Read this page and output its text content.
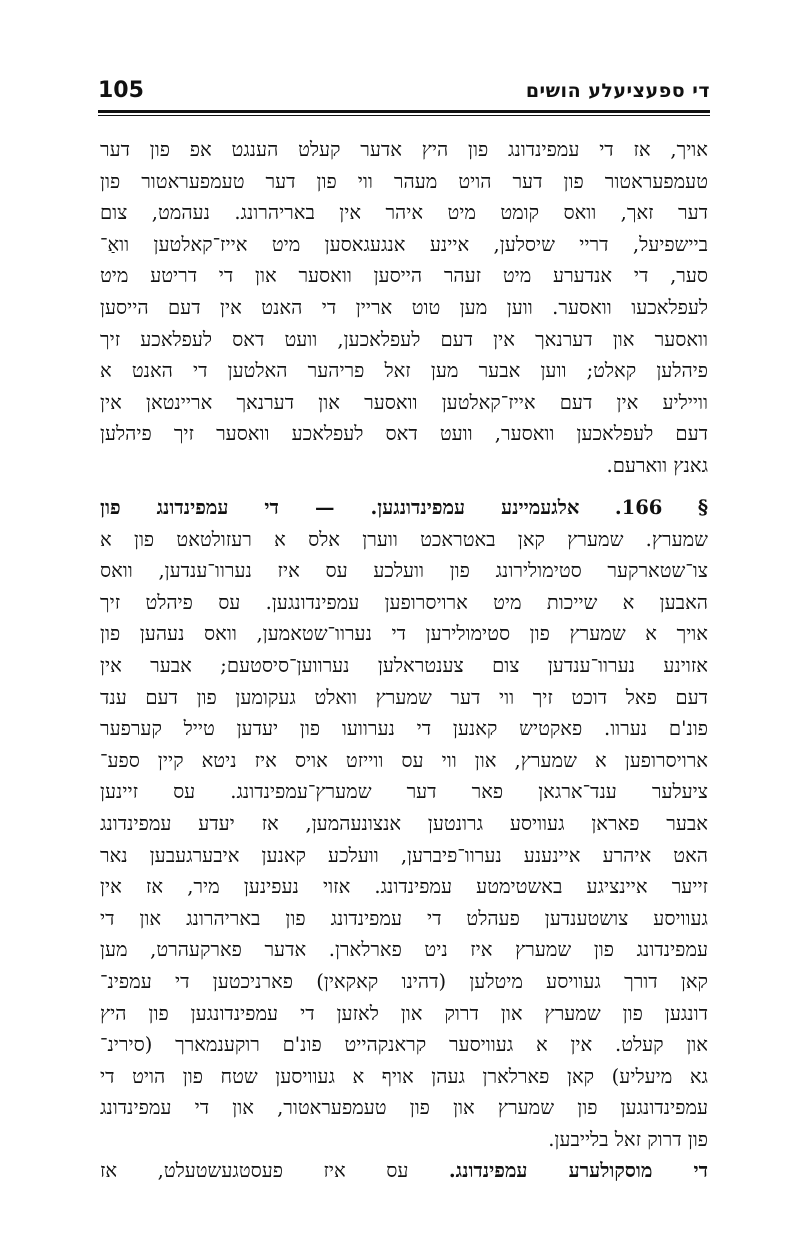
די ספעציעלע הושים
105
אויך, אז די עמפינדונג פון היץ אדער קעלט הענגט אפ פון דער
טעמפעראטור פון דער הויט מעהר ווי פון דער טעמפעראטור פון
דער זאך, וואס קומט מיט איהר אין באריהרונג. נעהמט, צום
ביישפיעל, דריי שיסלען, איינע אנגעגאסען מיט אייז־קאלטען וואַ־
סער, די אנדערע מיט זעהר הייסען וואסער און די דריטע מיט
לעפלאכעו וואסער. ווען מען טוט אריין די האנט אין דעם הייסען
וואסער און דערנאך אין דעם לעפלאכען, וועט דאס לעפלאכע זיך
פיהלען קאלט; ווען אבער מען זאל פריהער האלטען די האנט א
ווייליע אין דעם אייז־קאלטען וואסער און דערנאך אריינטאן אין
דעם לעפלאכען וואסער, וועט דאס לעפלאכע וואסער זיך פיהלען
גאנץ ווארעם.
§ 166. אלגעמיינע עמפינדונגען. — די עמפינדונג פון
שמערץ. שמערץ קאן באטראכט ווערן אלס א רעזולטאט פון א
צו־שטארקער סטימולירונג פון וועלכע עס איז נערוו־ענדען, וואס
האבען א שייכות מיט ארויסרופען עמפינדונגען. עס פיהלט זיך
אויך א שמערץ פון סטימולירען די נערוו־שטאמען, וואס נעהען פון
אזוינע נערוו־ענדען צום צענטראלען נערווען־סיסטעם; אבער אין
דעם פאל דוכט זיך ווי דער שמערץ וואלט געקומען פון דעם ענד
פונ'ם נערוו. פאקטיש קאנען די נערוועו פון יעדען טייל קערפער
ארויסרופען א שמערץ, און ווי עס ווייזט אויס איז ניטא קיין ספע־
ציעלער ענד־ארגאן פאר דער שמערץ־עמפינדונג. עס זיינען
אבער פאראן געוויסע גרונטען אנצונעהמען, אז יעדע עמפינדונג
האט איהרע איינענע נערוו־פיברען, וועלכע קאנען איבערגעבען נאר
זייער איינציגע באשטימטע עמפינדונג. אזוי נעפינען מיר, אז אין
געוויסע צושטענדען פעהלט די עמפינדונג פון באריהרונג און די
עמפינדונג פון שמערץ איז ניט פארלארן. אדער פארקעהרט, מען
קאן דורך געוויסע מיטלען (דהינו קאקאין) פארניכטען די עמפינ־
דונגען פון שמערץ און דרוק און לאזען די עמפינדונגען פון היץ
און קעלט. אין א געוויסער קראנקהייט פונ'ם רוקענמארך (סירינ־
גא מיעליע) קאן פארלארן געהן אויף א געוויסען שטח פון הויט די
עמפינדונגען פון שמערץ און פון טעמפעראטור, און די עמפינדונג
פון דרוק זאל בלייבען.
די מוסקולערע עמפינדונג. עס איז פעסטגעשטעלט, אז
